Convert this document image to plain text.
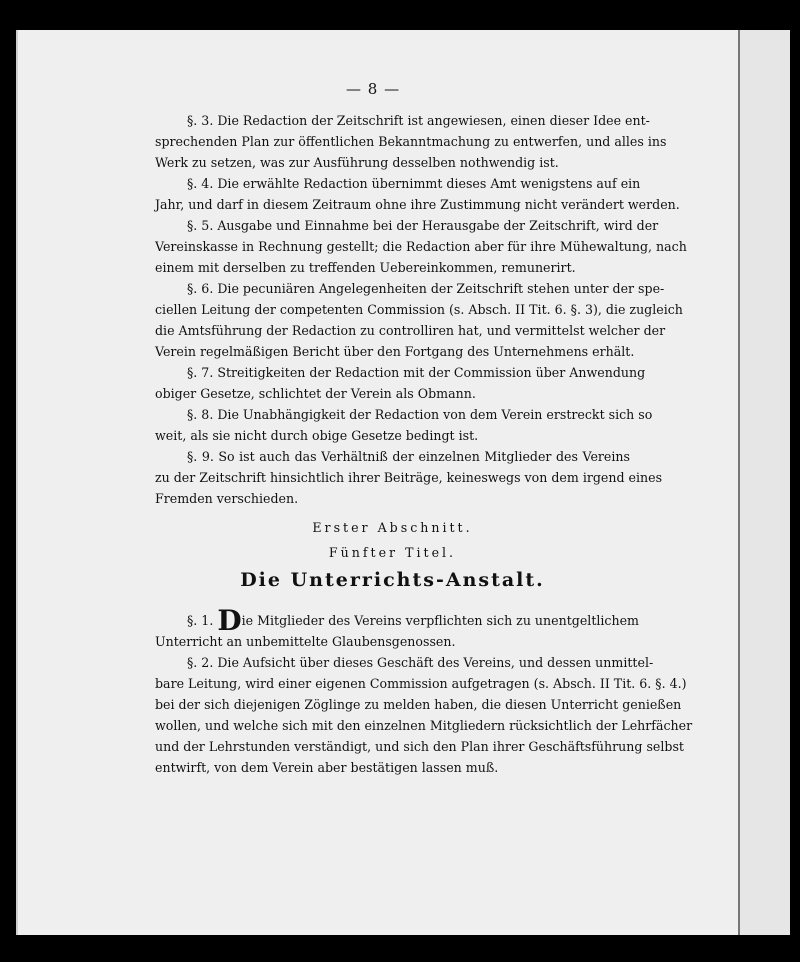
— 8 —
§. 3. Die Redaction der Zeitschrift ist angewiesen, einen dieser Idee ent-
sprechenden Plan zur öffentlichen Bekanntmachung zu entwerfen, und alles ins
Werk zu setzen, was zur Ausführung desselben nothwendig ist.
§. 4. Die erwählte Redaction übernimmt dieses Amt wenigstens auf ein
Jahr, und darf in diesem Zeitraum ohne ihre Zustimmung nicht verändert werden.
§. 5. Ausgabe und Einnahme bei der Herausgabe der Zeitschrift, wird der
Vereinskasse in Rechnung gestellt; die Redaction aber für ihre Mühewaltung, nach
einem mit derselben zu treffenden Uebereinkommen, remunerirt.
§. 6. Die pecuniären Angelegenheiten der Zeitschrift stehen unter der spe-
ciellen Leitung der competenten Commission (s. Absch. II Tit. 6. §. 3), die zugleich
die Amtsführung der Redaction zu controlliren hat, und vermittelst welcher der
Verein regelmäßigen Bericht über den Fortgang des Unternehmens erhält.
§. 7. Streitigkeiten der Redaction mit der Commission über Anwendung
obiger Gesetze, schlichtet der Verein als Obmann.
§. 8. Die Unabhängigkeit der Redaction von dem Verein erstreckt sich so
weit, als sie nicht durch obige Gesetze bedingt ist.
§. 9. So ist auch das Verhältniß der einzelnen Mitglieder des Vereins
zu der Zeitschrift hinsichtlich ihrer Beiträge, keineswegs von dem irgend eines
Fremden verschieden.
Erster Abschnitt.
Fünfter Titel.
Die Unterrichts-Anstalt.
§. 1. Die Mitglieder des Vereins verpflichten sich zu unentgeltlichem
Unterricht an unbemittelte Glaubensgenossen.
§. 2. Die Aufsicht über dieses Geschäft des Vereins, und dessen unmittel-
bare Leitung, wird einer eigenen Commission aufgetragen (s. Absch. II Tit. 6. §. 4.)
bei der sich diejenigen Zöglinge zu melden haben, die diesen Unterricht genießen
wollen, und welche sich mit den einzelnen Mitgliedern rücksichtlich der Lehrfächer
und der Lehrstunden verständigt, und sich den Plan ihrer Geschäftsführung selbst
entwirft, von dem Verein aber bestätigen lassen muß.
